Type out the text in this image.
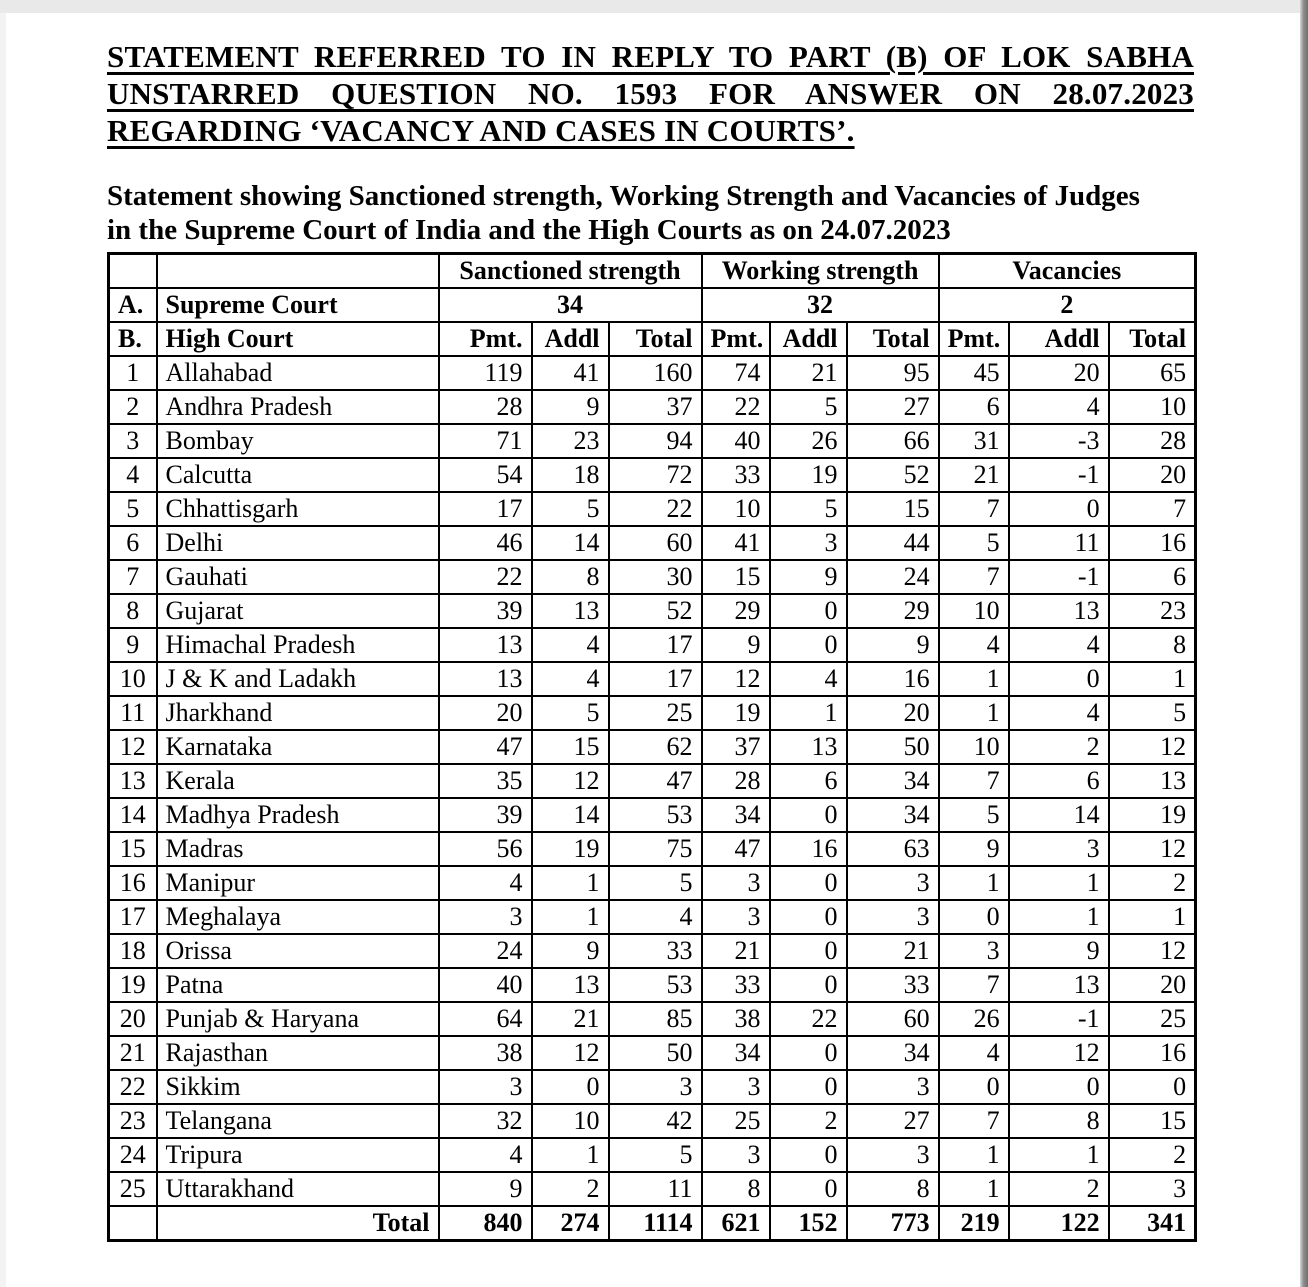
STATEMENT REFERRED TO IN REPLY TO PART (B) OF LOK SABHA
UNSTARRED QUESTION NO. 1593 FOR ANSWER ON 28.07.2023
REGARDING ‘VACANCY AND CASES IN COURTS’.
Statement showing Sanctioned strength, Working Strength and Vacancies of Judges
in the Supreme Court of India and the High Courts as on 24.07.2023
		Sanctioned strength			Working strength			Vacancies		
A.	Supreme Court	34			32			2		
B.	High Court	Pmt.	Addl	Total	Pmt.	Addl	Total	Pmt.	Addl	Total
1	Allahabad	119	41	160	74	21	95	45	20	65
2	Andhra Pradesh	28	9	37	22	5	27	6	4	10
3	Bombay	71	23	94	40	26	66	31	-3	28
4	Calcutta	54	18	72	33	19	52	21	-1	20
5	Chhattisgarh	17	5	22	10	5	15	7	0	7
6	Delhi	46	14	60	41	3	44	5	11	16
7	Gauhati	22	8	30	15	9	24	7	-1	6
8	Gujarat	39	13	52	29	0	29	10	13	23
9	Himachal Pradesh	13	4	17	9	0	9	4	4	8
10	J & K and Ladakh	13	4	17	12	4	16	1	0	1
11	Jharkhand	20	5	25	19	1	20	1	4	5
12	Karnataka	47	15	62	37	13	50	10	2	12
13	Kerala	35	12	47	28	6	34	7	6	13
14	Madhya Pradesh	39	14	53	34	0	34	5	14	19
15	Madras	56	19	75	47	16	63	9	3	12
16	Manipur	4	1	5	3	0	3	1	1	2
17	Meghalaya	3	1	4	3	0	3	0	1	1
18	Orissa	24	9	33	21	0	21	3	9	12
19	Patna	40	13	53	33	0	33	7	13	20
20	Punjab & Haryana	64	21	85	38	22	60	26	-1	25
21	Rajasthan	38	12	50	34	0	34	4	12	16
22	Sikkim	3	0	3	3	0	3	0	0	0
23	Telangana	32	10	42	25	2	27	7	8	15
24	Tripura	4	1	5	3	0	3	1	1	2
25	Uttarakhand	9	2	11	8	0	8	1	2	3
	Total	840	274	1114	621	152	773	219	122	341
